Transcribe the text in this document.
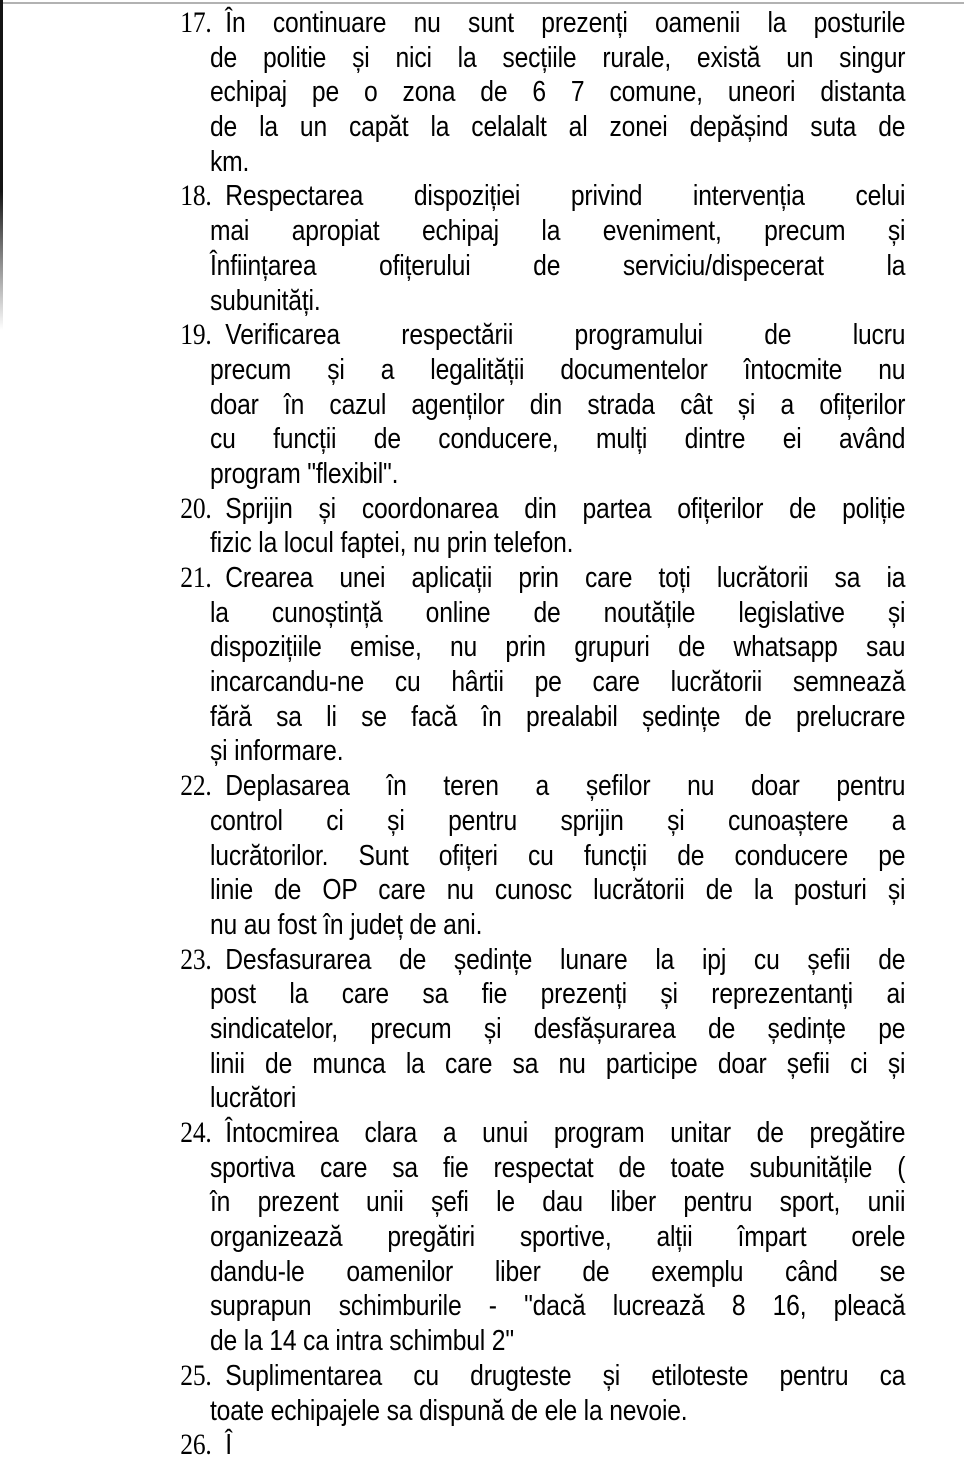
17. În continuare nu sunt prezenți oamenii la posturile
de politie și nici la secțiile rurale, există un singur
echipaj pe o zona de 6 7 comune, uneori distanta
de la un capăt la celalalt al zonei depășind suta de
km.
18. Respectarea dispoziției privind intervenția celui
mai apropiat echipaj la eveniment, precum și
Înființarea ofițerului de serviciu/dispecerat la
subunități.
19. Verificarea respectării programului de lucru
precum și a legalității documentelor întocmite nu
doar în cazul agenților din strada cât și a ofițerilor
cu funcții de conducere, mulți dintre ei având
program "flexibil".
20. Sprijin și coordonarea din partea ofițerilor de poliție
fizic la locul faptei, nu prin telefon.
21. Crearea unei aplicații prin care toți lucrătorii sa ia
la cunoștință online de noutățile legislative și
dispozițiile emise, nu prin grupuri de whatsapp sau
incarcandu-ne cu hârtii pe care lucrătorii semnează
fără sa li se facă în prealabil ședințe de prelucrare
și informare.
22. Deplasarea în teren a șefilor nu doar pentru
control ci și pentru sprijin și cunoaștere a
lucrătorilor. Sunt ofițeri cu funcții de conducere pe
linie de OP care nu cunosc lucrătorii de la posturi și
nu au fost în județ de ani.
23. Desfasurarea de ședințe lunare la ipj cu șefii de
post la care sa fie prezenți și reprezentanți ai
sindicatelor, precum și desfășurarea de ședințe pe
linii de munca la care sa nu participe doar șefii ci și
lucrători
24. Întocmirea clara a unui program unitar de pregătire
sportiva care sa fie respectat de toate subunitățile (
în prezent unii șefi le dau liber pentru sport, unii
organizează pregătiri sportive, alții împart orele
dandu-le oamenilor liber de exemplu când se
suprapun schimburile - "dacă lucrează 8 16, pleacă
de la 14 ca intra schimbul 2"
25. Suplimentarea cu drugteste și etiloteste pentru ca
toate echipajele sa dispună de ele la nevoie.
26. Î
